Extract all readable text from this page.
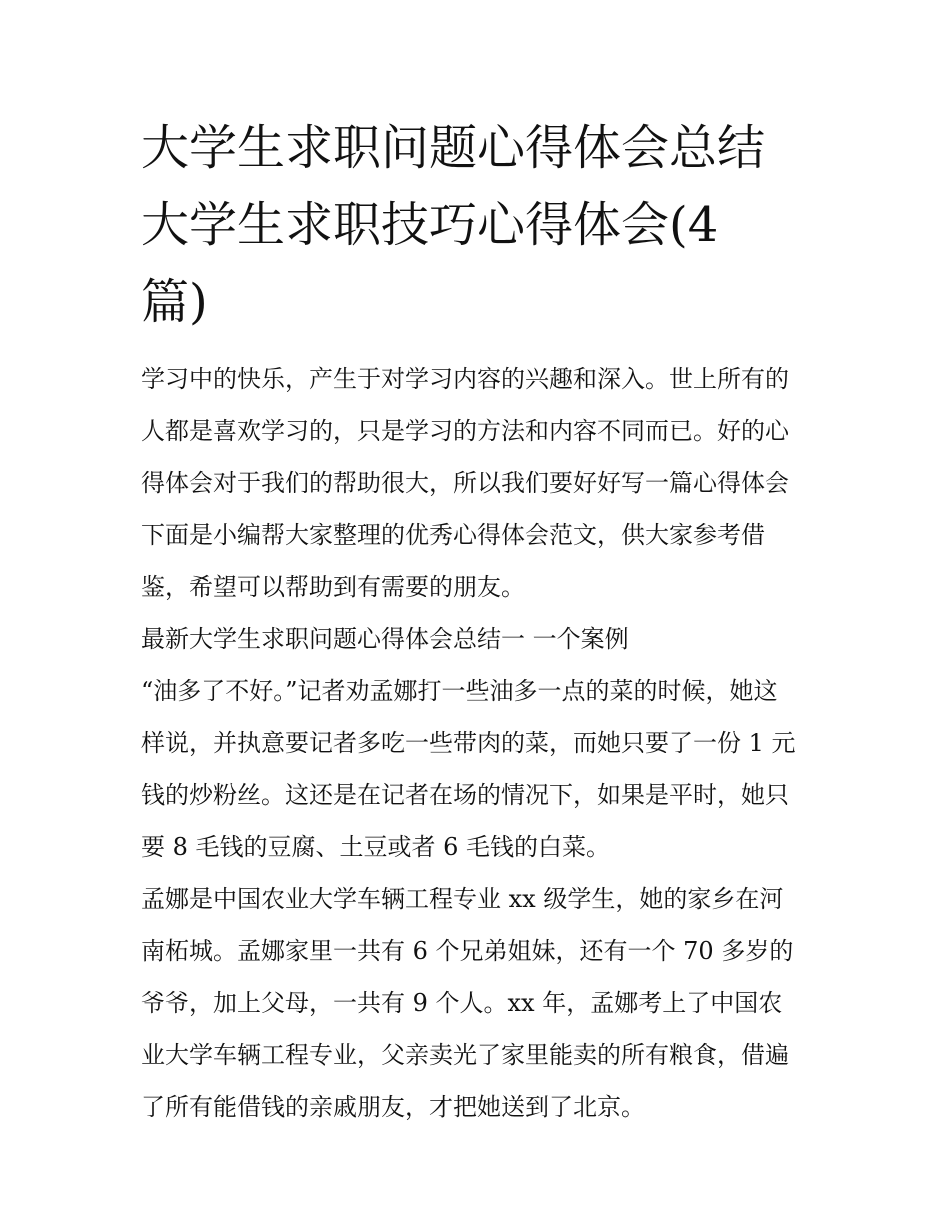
大学生求职问题心得体会总结
大学生求职技巧心得体会(4
篇)
学习中的快乐，产生于对学习内容的兴趣和深入。世上所有的
人都是喜欢学习的，只是学习的方法和内容不同而已。好的心
得体会对于我们的帮助很大，所以我们要好好写一篇心得体会
下面是小编帮大家整理的优秀心得体会范文，供大家参考借
鉴，希望可以帮助到有需要的朋友。
最新大学生求职问题心得体会总结一 一个案例
“油多了不好。”记者劝孟娜打一些油多一点的菜的时候，她这
样说，并执意要记者多吃一些带肉的菜，而她只要了一份 1 元
钱的炒粉丝。这还是在记者在场的情况下，如果是平时，她只
要 8 毛钱的豆腐、土豆或者 6 毛钱的白菜。
孟娜是中国农业大学车辆工程专业 xx 级学生，她的家乡在河
南柘城。孟娜家里一共有 6 个兄弟姐妹，还有一个 70 多岁的
爷爷，加上父母，一共有 9 个人。xx 年，孟娜考上了中国农
业大学车辆工程专业，父亲卖光了家里能卖的所有粮食，借遍
了所有能借钱的亲戚朋友，才把她送到了北京。
